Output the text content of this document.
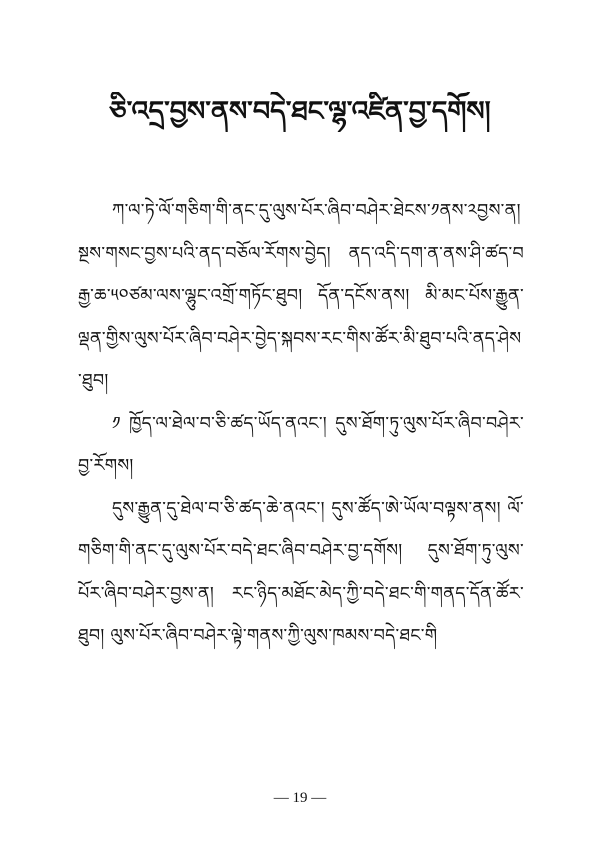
ཅི་འདྲ་བྱས་ནས་བདེ་ཐང་ལྷ་འཛིན་བྱ་དགོས།

ཀ་ལ་ཏེ་ལོ་གཅིག་གི་ནང་དུ་ལུས་པོར་ཞིབ་བཤེར་ཐེངས་༡ནས་༢བྱས་ན། སྔས་གསང་བྱས་པའི་ནད་བཅོལ་རོགས་བྱེད། ནད་འདི་དག་ན་ནས་ཤི་ཚད་བརྒྱ་ཆ་༥༠ཙམ་ལས་ལྷུང་འགྲོ་གཏོང་ཐུབ། དོན་དངོས་ནས། མི་མང་པོས་རྒྱུན་ལྡན་གྱིས་ལུས་པོར་ཞིབ་བཤེར་བྱེད་སྐབས་རང་གིས་ཚོར་མི་ཐུབ་པའི་ནད་ཤེས་ཐུབ།

༡ ཁྱོད་ལ་ཐེལ་བ་ཅི་ཚད་ཡོད་ནའང་། དུས་ཐོག་ཏུ་ལུས་པོར་ཞིབ་བཤེར་བྱ་རོགས།

དུས་རྒྱུན་དུ་ཐེལ་བ་ཅི་ཚད་ཆེ་ནའང་། དུས་ཚོད་ཨེ་ཡོལ་བལྟས་ནས། ལོ་གཅིག་གི་ནང་དུ་ལུས་པོར་བདེ་ཐང་ཞིབ་བཤེར་བྱ་དགོས། དུས་ཐོག་ཏུ་ལུས་པོར་ཞིབ་བཤེར་བྱས་ན། རང་ཉིད་མཐོང་མེད་ཀྱི་བདེ་ཐང་གི་གནད་དོན་ཚོར་ཐུབ། ལུས་པོར་ཞིབ་བཤེར་ལྟེ་གནས་ཀྱི་ལུས་ཁམས་བདེ་ཐང་གི

— 19 —
